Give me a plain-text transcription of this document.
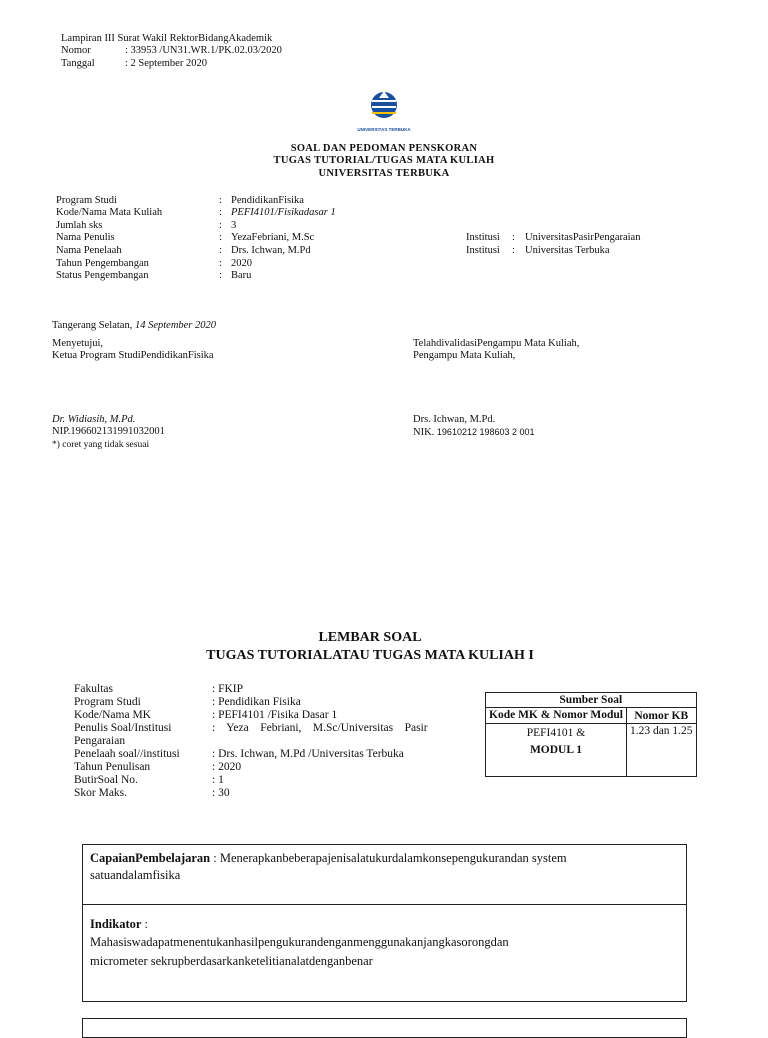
Lampiran III Surat Wakil RektorBidangAkademik
Nomor	: 33953 /UN31.WR.1/PK.02.03/2020
Tanggal	: 2 September 2020
UNIVERSITAS TERBUKA
SOAL DAN PEDOMAN PENSKORAN
TUGAS TUTORIAL/TUGAS MATA KULIAH
UNIVERSITAS TERBUKA
Program Studi	: PendidikanFisika
Kode/Nama Mata Kuliah	: PEFI4101/Fisikadasar 1
Jumlah sks	: 3
Nama Penulis	: YezaFebriani, M.Sc	Institusi : UniversitasPasirPengaraian
Nama Penelaah	: Drs. Ichwan, M.Pd	Institusi : Universitas Terbuka
Tahun Pengembangan	: 2020
Status Pengembangan	: Baru
Tangerang Selatan, 14 September 2020
Menyetujui,
Ketua Program StudiPendidikanFisika
TelahdivalidasiPengampu Mata Kuliah,
Pengampu Mata Kuliah,
Dr. Widiasih, M.Pd.
NIP.196602131991032001
*) coret yang tidak sesuai
Drs. Ichwan, M.Pd.
NIK. 19610212 198603 2 001
LEMBAR SOAL
TUGAS TUTORIALATAU TUGAS MATA KULIAH I
Fakultas	: FKIP
Program Studi	: Pendidikan Fisika
Kode/Nama MK	: PEFI4101 /Fisika Dasar 1
Penulis Soal/Institusi	:    Yeza    Febriani,    M.Sc/Universitas    Pasir
Pengaraian
Penelaah soal//institusi	: Drs. Ichwan, M.Pd /Universitas Terbuka
Tahun Penulisan	: 2020
ButirSoal No.	: 1
Skor Maks.	: 30
Sumber Soal	
Kode MK & Nomor Modul	Nomor KB

PEFI4101 &
MODUL 1	1.23 dan 1.25
CapaianPembelajaran : Menerapkanbeberapajenisalatukurdalamkonsepengukurandan system
satuandalamfisika
Indikator :
Mahasiswadapatmenentukanhasilpengukurandenganmenggunakanjangkasorongdan
micrometer sekrupberdasarkanketelitianalatdenganbenar
